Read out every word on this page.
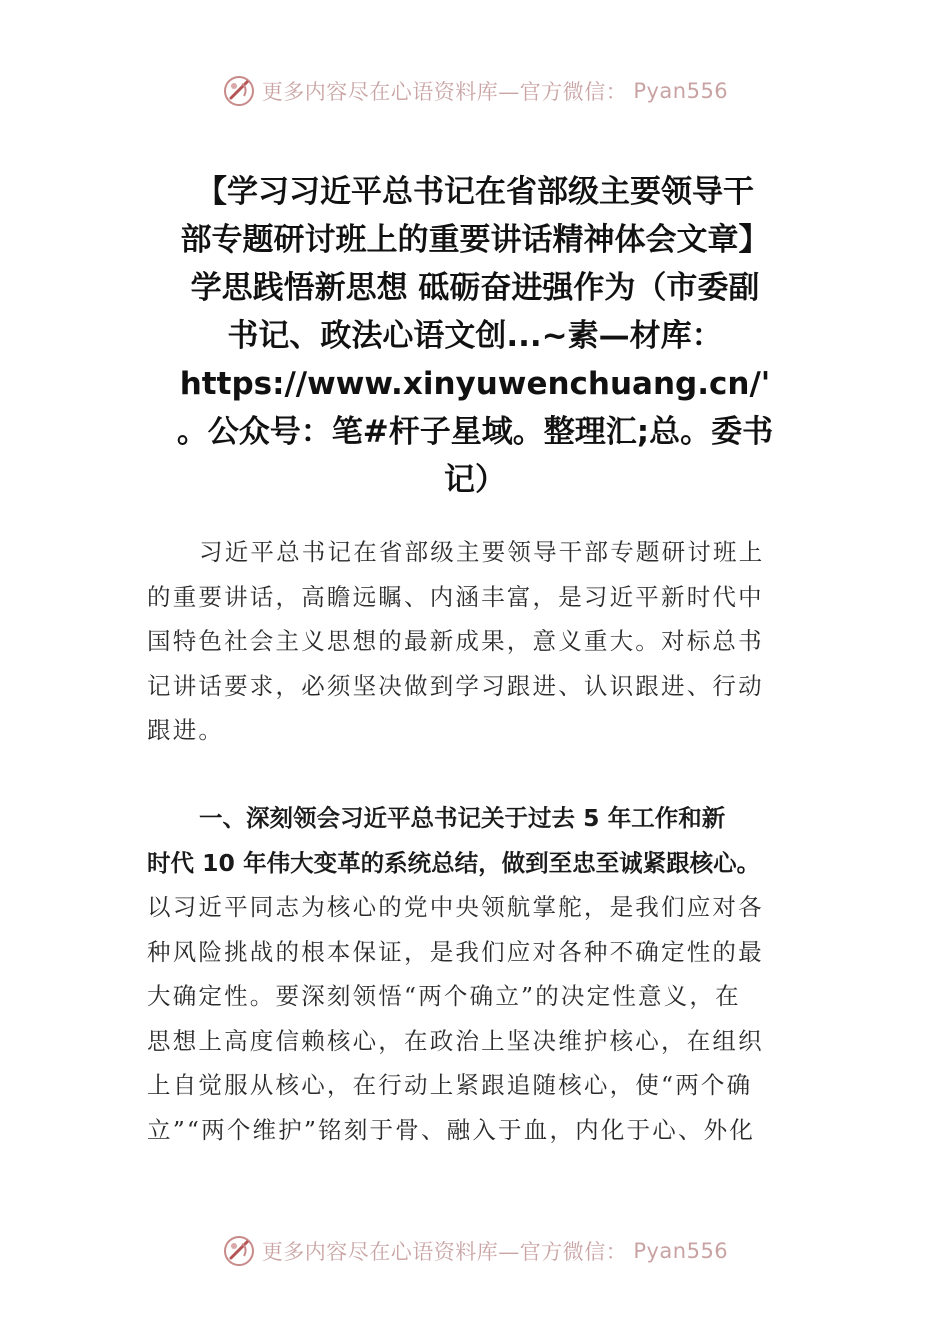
更多内容尽在心语资料库—官方微信： Pyan556
【学习习近平总书记在省部级主要领导干
部专题研讨班上的重要讲话精神体会文章】
学思践悟新思想 砥砺奋进强作为（市委副
书记、政法心语文创...~素—材库：
https://www.xinyuwenchuang.cn/'
。公众号：笔#杆子星域。整理汇;总。委书
记）
习近平总书记在省部级主要领导干部专题研讨班上
的重要讲话，高瞻远瞩、内涵丰富，是习近平新时代中
国特色社会主义思想的最新成果，意义重大。对标总书
记讲话要求，必须坚决做到学习跟进、认识跟进、行动
跟进。
一、深刻领会习近平总书记关于过去 5 年工作和新
时代 10 年伟大变革的系统总结，做到至忠至诚紧跟核心。
以习近平同志为核心的党中央领航掌舵，是我们应对各
种风险挑战的根本保证，是我们应对各种不确定性的最
大确定性。要深刻领悟“两个确立”的决定性意义，在
思想上高度信赖核心，在政治上坚决维护核心，在组织
上自觉服从核心，在行动上紧跟追随核心，使“两个确
立”“两个维护”铭刻于骨、融入于血，内化于心、外化
更多内容尽在心语资料库—官方微信： Pyan556
